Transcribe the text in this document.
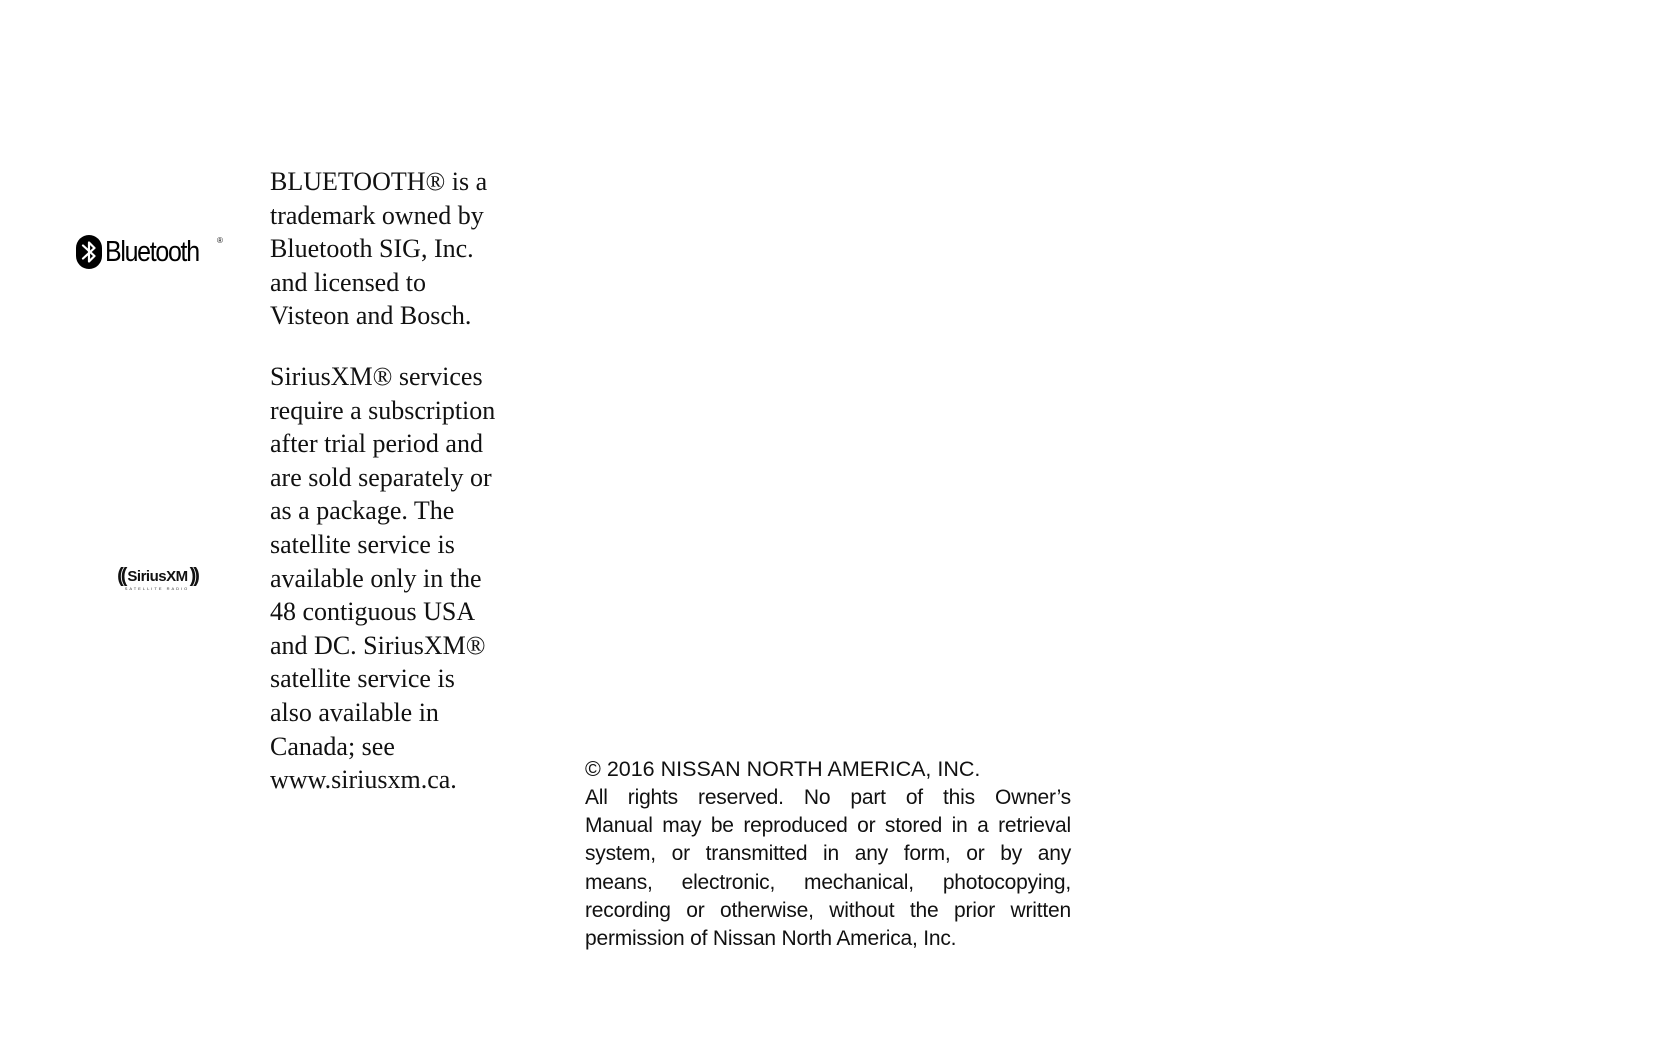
Bluetooth ®
BLUETOOTH® is a
trademark owned by
Bluetooth SIG, Inc.
and licensed to
Visteon and Bosch.
(( SiriusXM ))
SATELLITE RADIO
SiriusXM® services
require a subscription
after trial period and
are sold separately or
as a package. The
satellite service is
available only in the
48 contiguous USA
and DC. SiriusXM®
satellite service is
also available in
Canada; see
www.siriusxm.ca.	© 2016 NISSAN NORTH AMERICA, INC.
All rights reserved. No part of this Owner’s
Manual may be reproduced or stored in a retrieval
system, or transmitted in any form, or by any
means, electronic, mechanical, photocopying,
recording or otherwise, without the prior written
permission of Nissan North America, Inc.
